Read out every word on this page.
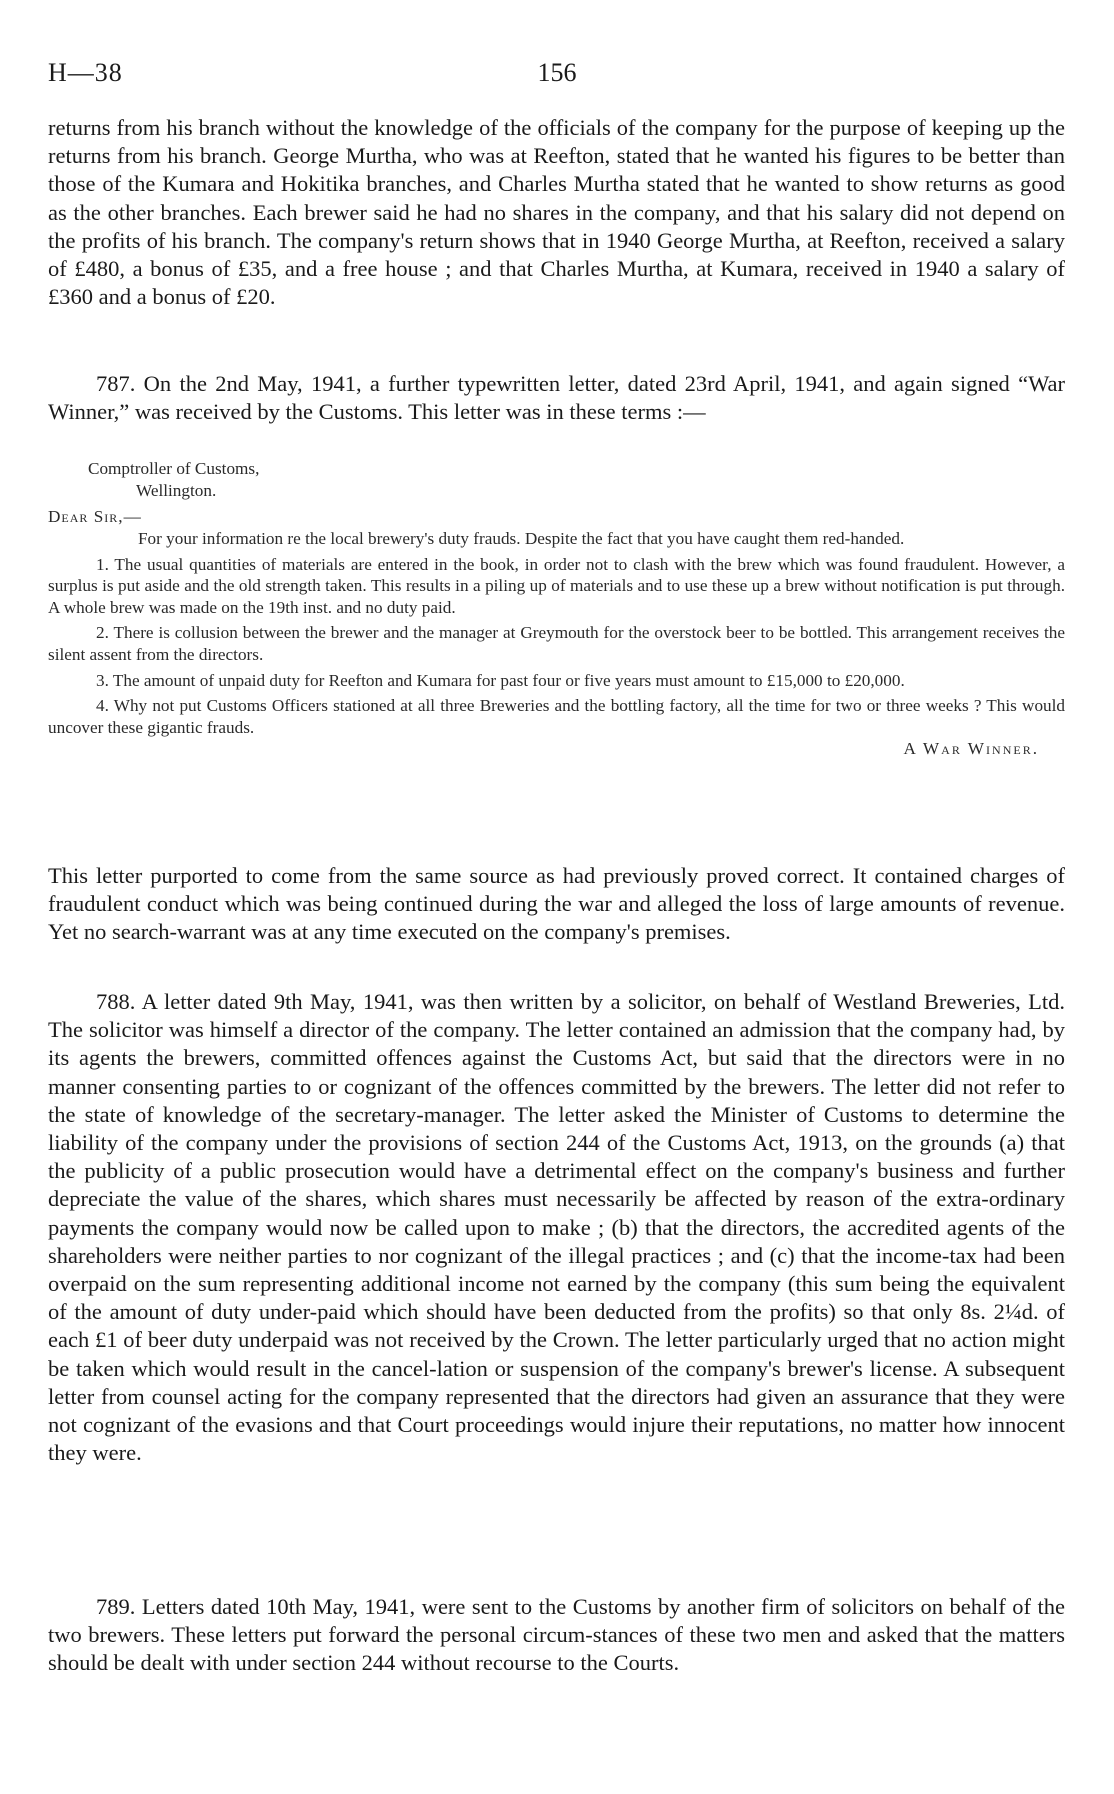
H—38	156

returns from his branch without the knowledge of the officials of the company for the purpose of keeping up the returns from his branch. George Murtha, who was at Reefton, stated that he wanted his figures to be better than those of the Kumara and Hokitika branches, and Charles Murtha stated that he wanted to show returns as good as the other branches. Each brewer said he had no shares in the company, and that his salary did not depend on the profits of his branch. The company's return shows that in 1940 George Murtha, at Reefton, received a salary of £480, a bonus of £35, and a free house ; and that Charles Murtha, at Kumara, received in 1940 a salary of £360 and a bonus of £20.

787. On the 2nd May, 1941, a further typewritten letter, dated 23rd April, 1941, and again signed “War Winner,” was received by the Customs. This letter was in these terms :—

Comptroller of Customs,

Wellington.

Dear Sir,—

For your information re the local brewery's duty frauds. Despite the fact that you have caught them red-handed.

1. The usual quantities of materials are entered in the book, in order not to clash with the brew which was found fraudulent. However, a surplus is put aside and the old strength taken. This results in a piling up of materials and to use these up a brew without notification is put through. A whole brew was made on the 19th inst. and no duty paid.

2. There is collusion between the brewer and the manager at Greymouth for the overstock beer to be bottled. This arrangement receives the silent assent from the directors.

3. The amount of unpaid duty for Reefton and Kumara for past four or five years must amount to £15,000 to £20,000.

4. Why not put Customs Officers stationed at all three Breweries and the bottling factory, all the time for two or three weeks ? This would uncover these gigantic frauds.

A War Winner.

This letter purported to come from the same source as had previously proved correct. It contained charges of fraudulent conduct which was being continued during the war and alleged the loss of large amounts of revenue. Yet no search-warrant was at any time executed on the company's premises.

788. A letter dated 9th May, 1941, was then written by a solicitor, on behalf of Westland Breweries, Ltd. The solicitor was himself a director of the company. The letter contained an admission that the company had, by its agents the brewers, committed offences against the Customs Act, but said that the directors were in no manner consenting parties to or cognizant of the offences committed by the brewers. The letter did not refer to the state of knowledge of the secretary-manager. The letter asked the Minister of Customs to determine the liability of the company under the provisions of section 244 of the Customs Act, 1913, on the grounds (a) that the publicity of a public prosecution would have a detrimental effect on the company's business and further depreciate the value of the shares, which shares must necessarily be affected by reason of the extra-ordinary payments the company would now be called upon to make ; (b) that the directors, the accredited agents of the shareholders were neither parties to nor cognizant of the illegal practices ; and (c) that the income-tax had been overpaid on the sum representing additional income not earned by the company (this sum being the equivalent of the amount of duty under-paid which should have been deducted from the profits) so that only 8s. 2¼d. of each £1 of beer duty underpaid was not received by the Crown. The letter particularly urged that no action might be taken which would result in the cancel-lation or suspension of the company's brewer's license. A subsequent letter from counsel acting for the company represented that the directors had given an assurance that they were not cognizant of the evasions and that Court proceedings would injure their reputations, no matter how innocent they were.

789. Letters dated 10th May, 1941, were sent to the Customs by another firm of solicitors on behalf of the two brewers. These letters put forward the personal circum-stances of these two men and asked that the matters should be dealt with under section 244 without recourse to the Courts.
